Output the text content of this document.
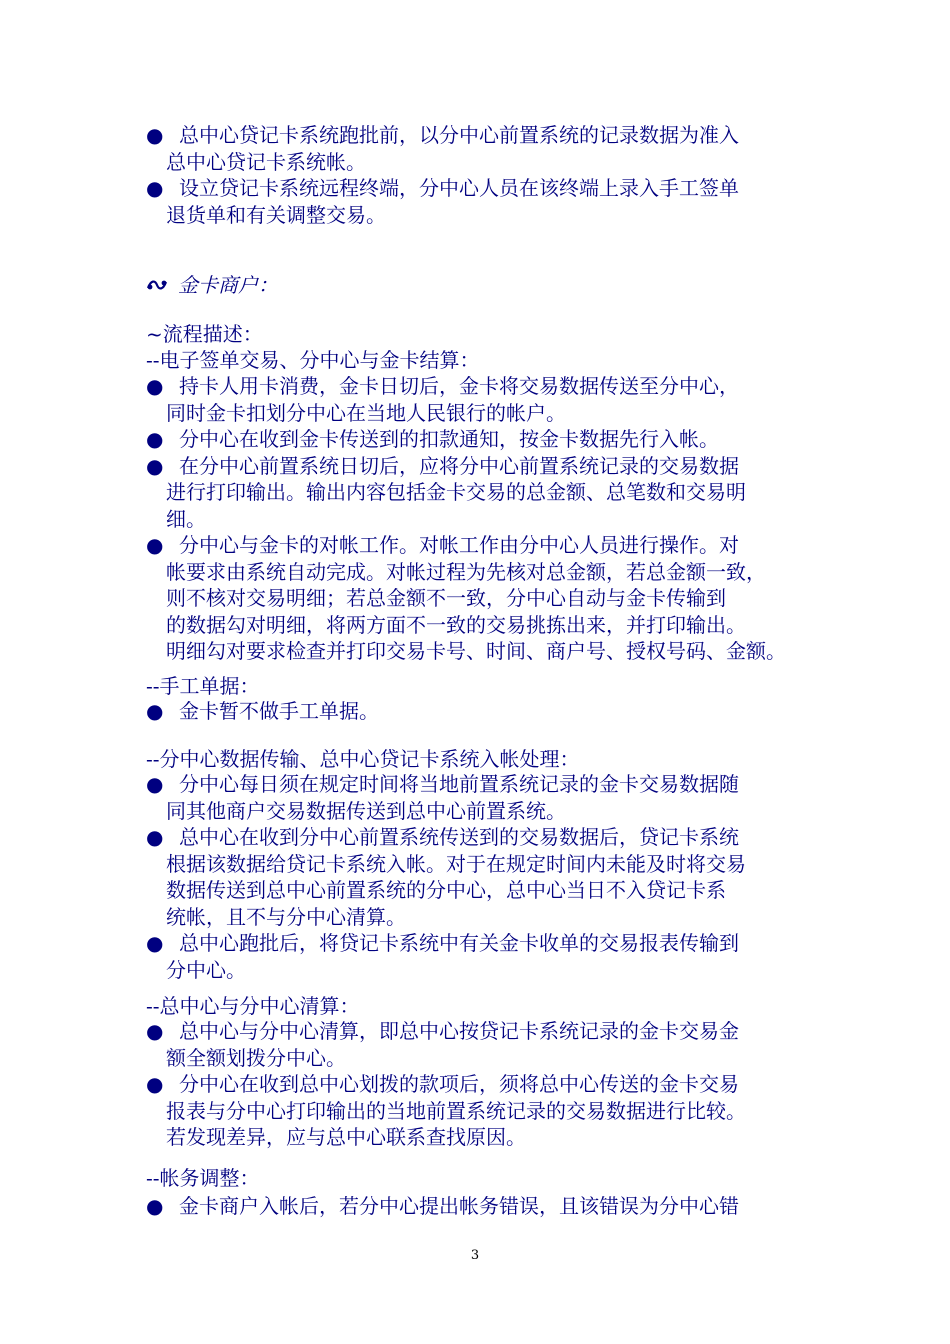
● 总中心贷记卡系统跑批前，以分中心前置系统的记录数据为准入
总中心贷记卡系统帐。
● 设立贷记卡系统远程终端，分中心人员在该终端上录入手工签单
退货单和有关调整交易。
金卡商户：
~流程描述：
--电子签单交易、分中心与金卡结算：
● 持卡人用卡消费，金卡日切后，金卡将交易数据传送至分中心，
同时金卡扣划分中心在当地人民银行的帐户。
● 分中心在收到金卡传送到的扣款通知，按金卡数据先行入帐。
● 在分中心前置系统日切后，应将分中心前置系统记录的交易数据
进行打印输出。输出内容包括金卡交易的总金额、总笔数和交易明
细。
● 分中心与金卡的对帐工作。对帐工作由分中心人员进行操作。对
帐要求由系统自动完成。对帐过程为先核对总金额，若总金额一致，
则不核对交易明细；若总金额不一致，分中心自动与金卡传输到
的数据勾对明细，将两方面不一致的交易挑拣出来，并打印输出。
明细勾对要求检查并打印交易卡号、时间、商户号、授权号码、金额。
--手工单据：
● 金卡暂不做手工单据。
--分中心数据传输、总中心贷记卡系统入帐处理：
● 分中心每日须在规定时间将当地前置系统记录的金卡交易数据随
同其他商户交易数据传送到总中心前置系统。
● 总中心在收到分中心前置系统传送到的交易数据后，贷记卡系统
根据该数据给贷记卡系统入帐。对于在规定时间内未能及时将交易
数据传送到总中心前置系统的分中心，总中心当日不入贷记卡系
统帐，且不与分中心清算。
● 总中心跑批后，将贷记卡系统中有关金卡收单的交易报表传输到
分中心。
--总中心与分中心清算：
● 总中心与分中心清算，即总中心按贷记卡系统记录的金卡交易金
额全额划拨分中心。
● 分中心在收到总中心划拨的款项后，须将总中心传送的金卡交易
报表与分中心打印输出的当地前置系统记录的交易数据进行比较。
若发现差异，应与总中心联系查找原因。
--帐务调整：
● 金卡商户入帐后，若分中心提出帐务错误，且该错误为分中心错
3
